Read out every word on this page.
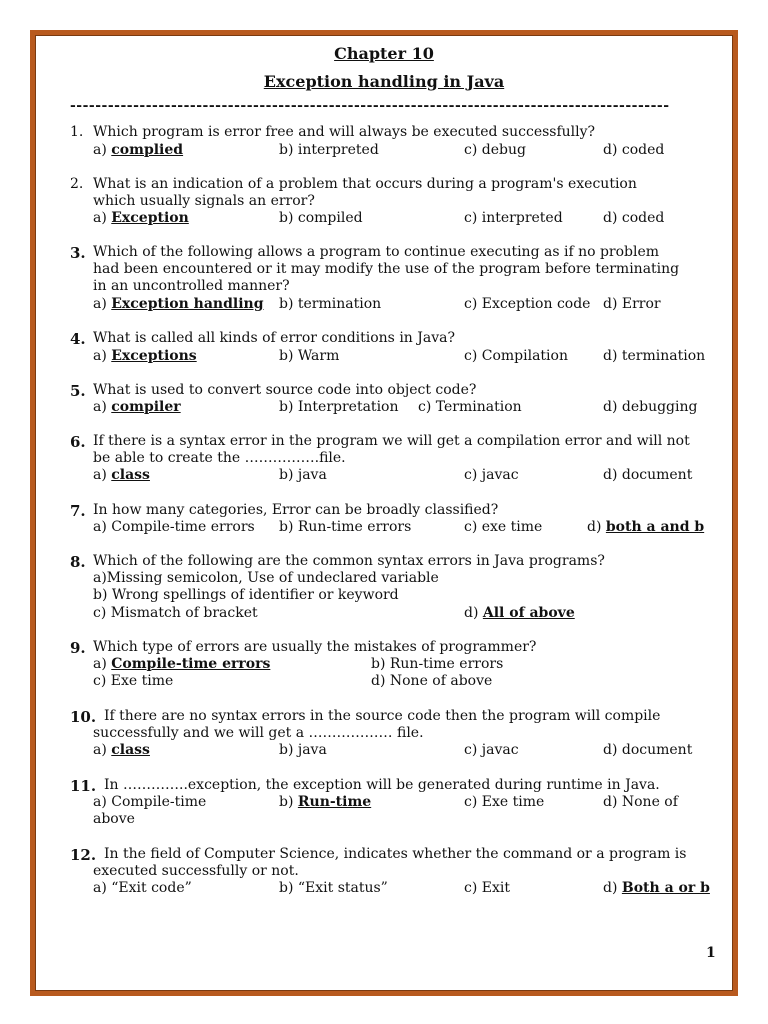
Chapter 10
Exception handling in Java
-----------------------------------------------------------------------------------------------
1. Which program is error free and will always be executed successfully?
a) complied	b) interpreted	c) debug	d) coded
2. What is an indication of a problem that occurs during a program's execution
which usually signals an error?
a) Exception	b) compiled	c) interpreted	d) coded
3. Which of the following allows a program to continue executing as if no problem
had been encountered or it may modify the use of the program before terminating
in an uncontrolled manner?
a) Exception handling b) termination	c) Exception code d) Error
4. What is called all kinds of error conditions in Java?
a) Exceptions	b) Warm	c) Compilation	d) termination
5. What is used to convert source code into object code?
a) compiler	b) Interpretation c) Termination	d) debugging
6. If there is a syntax error in the program we will get a compilation error and will not
be able to create the …………….file.
a) class	b) java	c) javac	d) document
7. In how many categories, Error can be broadly classified?
a) Compile-time errors b) Run-time errors	c) exe time	d) both a and b
8. Which of the following are the common syntax errors in Java programs?
a)Missing semicolon, Use of undeclared variable
b) Wrong spellings of identifier or keyword
c) Mismatch of bracket	d) All of above
9. Which type of errors are usually the mistakes of programmer?
a) Compile-time errors	b) Run-time errors
c) Exe time	d) None of above
10. If there are no syntax errors in the source code then the program will compile
successfully and we will get a ……………… file.
a) class	b) java	c) javac	d) document
11. In …………..exception, the exception will be generated during runtime in Java.
a) Compile-time	b) Run-time	c) Exe time	d) None of
above
12. In the field of Computer Science, indicates whether the command or a program is
executed successfully or not.
a) “Exit code”	b) “Exit status”	c) Exit	d) Both a or b
1
